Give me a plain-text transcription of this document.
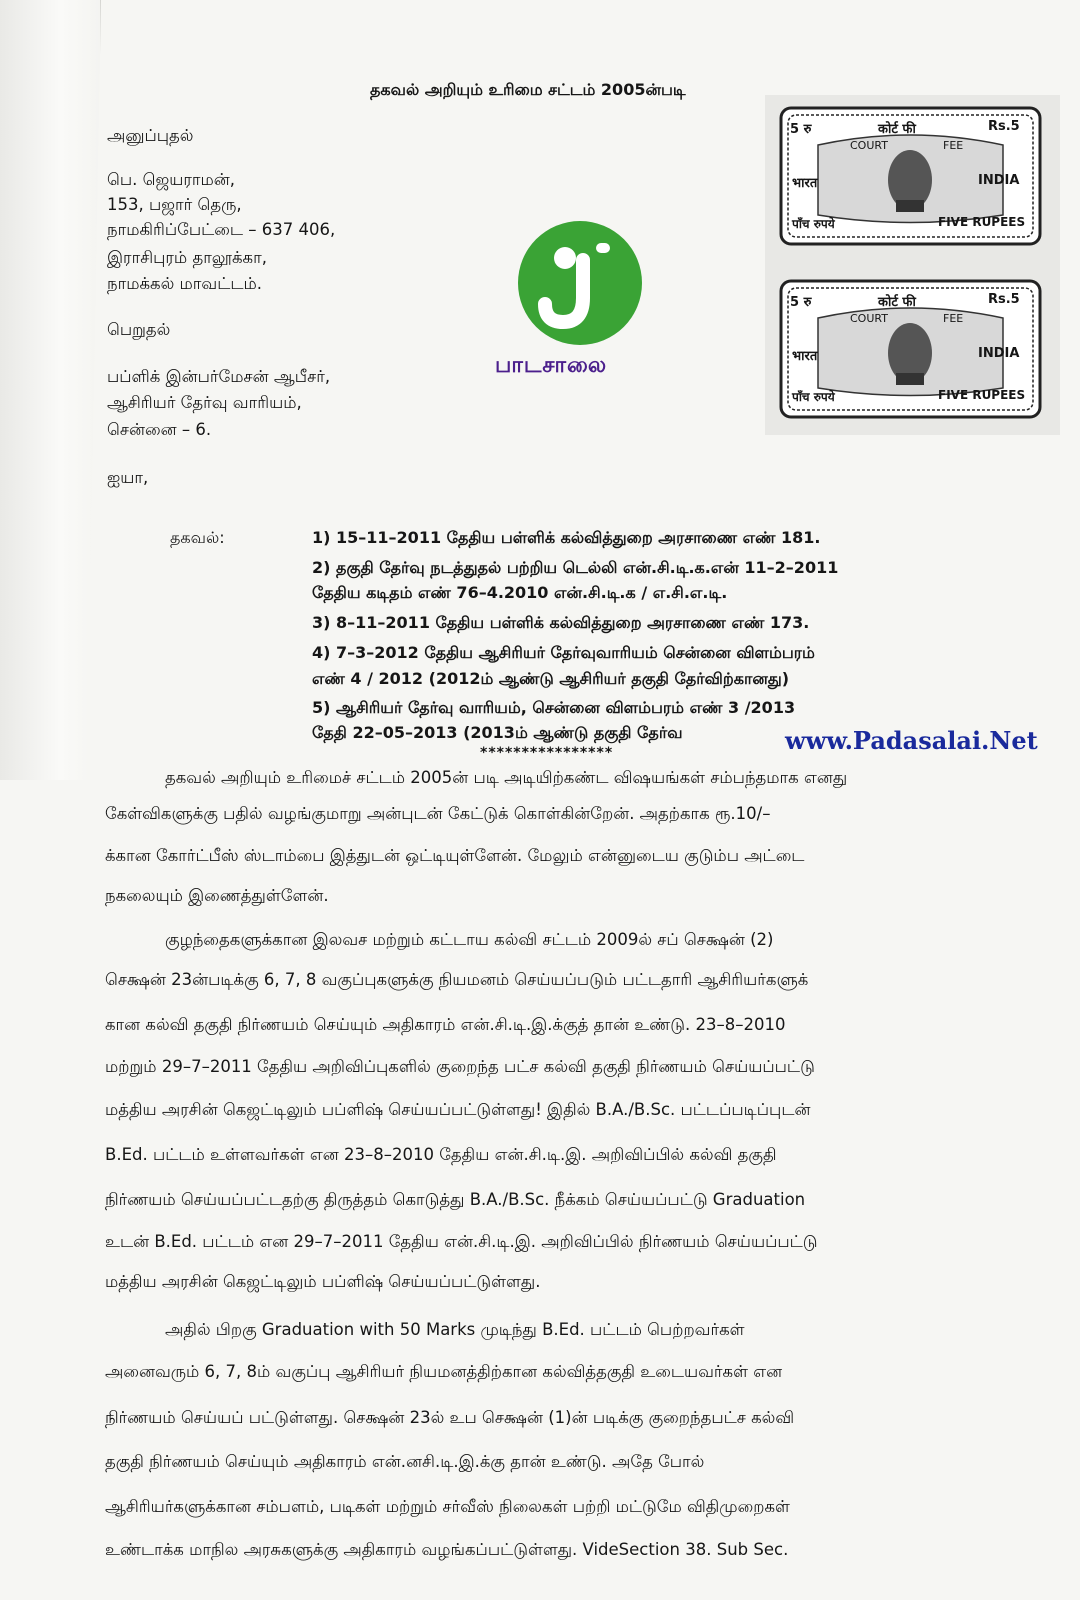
தகவல் அறியும் உரிமை சட்டம் 2005ன்படி
அனுப்புதல்
பெ. ஜெயராமன்,
153, பஜார் தெரு,
நாமகிரிப்பேட்டை – 637 406,
இராசிபுரம் தாலூக்கா,
நாமக்கல் மாவட்டம்.
பெறுதல்
பப்ளிக் இன்பர்மேசன் ஆபீசர்,
ஆசிரியர் தேர்வு வாரியம்,
சென்னை – 6.
ஐயா,
பாடசாலை
5 रु	कोर्ट फी	Rs.5
COURT	FEE
भारत	INDIA
पाँच रुपये	FIVE RUPEES
5 रु	कोर्ट फी	Rs.5
COURT	FEE
भारत	INDIA
पाँच रुपये	FIVE RUPEES
தகவல்:	1) 15–11–2011 தேதிய பள்ளிக் கல்வித்துறை அரசாணை எண் 181.
2) தகுதி தேர்வு நடத்துதல் பற்றிய டெல்லி என்.சி.டி.க.என் 11–2–2011
தேதிய கடிதம் எண் 76–4.2010 என்.சி.டி.க / எ.சி.எ.டி.
3) 8–11–2011 தேதிய பள்ளிக் கல்வித்துறை அரசாணை எண் 173.
4) 7–3–2012 தேதிய ஆசிரியர் தேர்வுவாரியம் சென்னை விளம்பரம்
எண் 4 / 2012 (2012ம் ஆண்டு ஆசிரியர் தகுதி தேர்விற்கானது)
5) ஆசிரியர் தேர்வு வாரியம், சென்னை விளம்பரம் எண் 3 /2013
தேதி 22–05–2013 (2013ம் ஆண்டு தகுதி தேர்வ
****************	www.Padasalai.Net
தகவல் அறியும் உரிமைச் சட்டம் 2005ன் படி அடியிற்கண்ட விஷயங்கள் சம்பந்தமாக எனது
கேள்விகளுக்கு பதில் வழங்குமாறு அன்புடன் கேட்டுக் கொள்கின்றேன். அதற்காக ரூ.10/–
க்கான கோர்ட்பீஸ் ஸ்டாம்பை இத்துடன் ஒட்டியுள்ளேன். மேலும் என்னுடைய குடும்ப அட்டை
நகலையும் இணைத்துள்ளேன்.
குழந்தைகளுக்கான இலவச மற்றும் கட்டாய கல்வி சட்டம் 2009ல் சப் செக்ஷன் (2)
செக்ஷன் 23ன்படிக்கு 6, 7, 8 வகுப்புகளுக்கு நியமனம் செய்யப்படும் பட்டதாரி ஆசிரியர்களுக்
கான கல்வி தகுதி நிர்ணயம் செய்யும் அதிகாரம் என்.சி.டி.இ.க்குத் தான் உண்டு. 23–8–2010
மற்றும் 29–7–2011 தேதிய அறிவிப்புகளில் குறைந்த பட்ச கல்வி தகுதி நிர்ணயம் செய்யப்பட்டு
மத்திய அரசின் கெஜட்டிலும் பப்ளிஷ் செய்யப்பட்டுள்ளது! இதில் B.A./B.Sc. பட்டப்படிப்புடன்
B.Ed. பட்டம் உள்ளவர்கள் என 23–8–2010 தேதிய என்.சி.டி.இ. அறிவிப்பில் கல்வி தகுதி
நிர்ணயம் செய்யப்பட்டதற்கு திருத்தம் கொடுத்து B.A./B.Sc. நீக்கம் செய்யப்பட்டு Graduation
உடன் B.Ed. பட்டம் என 29–7–2011 தேதிய என்.சி.டி.இ. அறிவிப்பில் நிர்ணயம் செய்யப்பட்டு
மத்திய அரசின் கெஜட்டிலும் பப்ளிஷ் செய்யப்பட்டுள்ளது.
அதில் பிறகு Graduation with 50 Marks முடிந்து B.Ed. பட்டம் பெற்றவர்கள்
அனைவரும் 6, 7, 8ம் வகுப்பு ஆசிரியர் நியமனத்திற்கான கல்வித்தகுதி உடையவர்கள் என
நிர்ணயம் செய்யப் பட்டுள்ளது. செக்ஷன் 23ல் உப செக்ஷன் (1)ன் படிக்கு குறைந்தபட்ச கல்வி
தகுதி நிர்ணயம் செய்யும் அதிகாரம் என்.னசி.டி.இ.க்கு தான் உண்டு. அதே போல்
ஆசிரியர்களுக்கான சம்பளம், படிகள் மற்றும் சர்வீஸ் நிலைகள் பற்றி மட்டுமே விதிமுறைகள்
உண்டாக்க மாநில அரசுகளுக்கு அதிகாரம் வழங்கப்பட்டுள்ளது. VideSection 38. Sub Sec.
